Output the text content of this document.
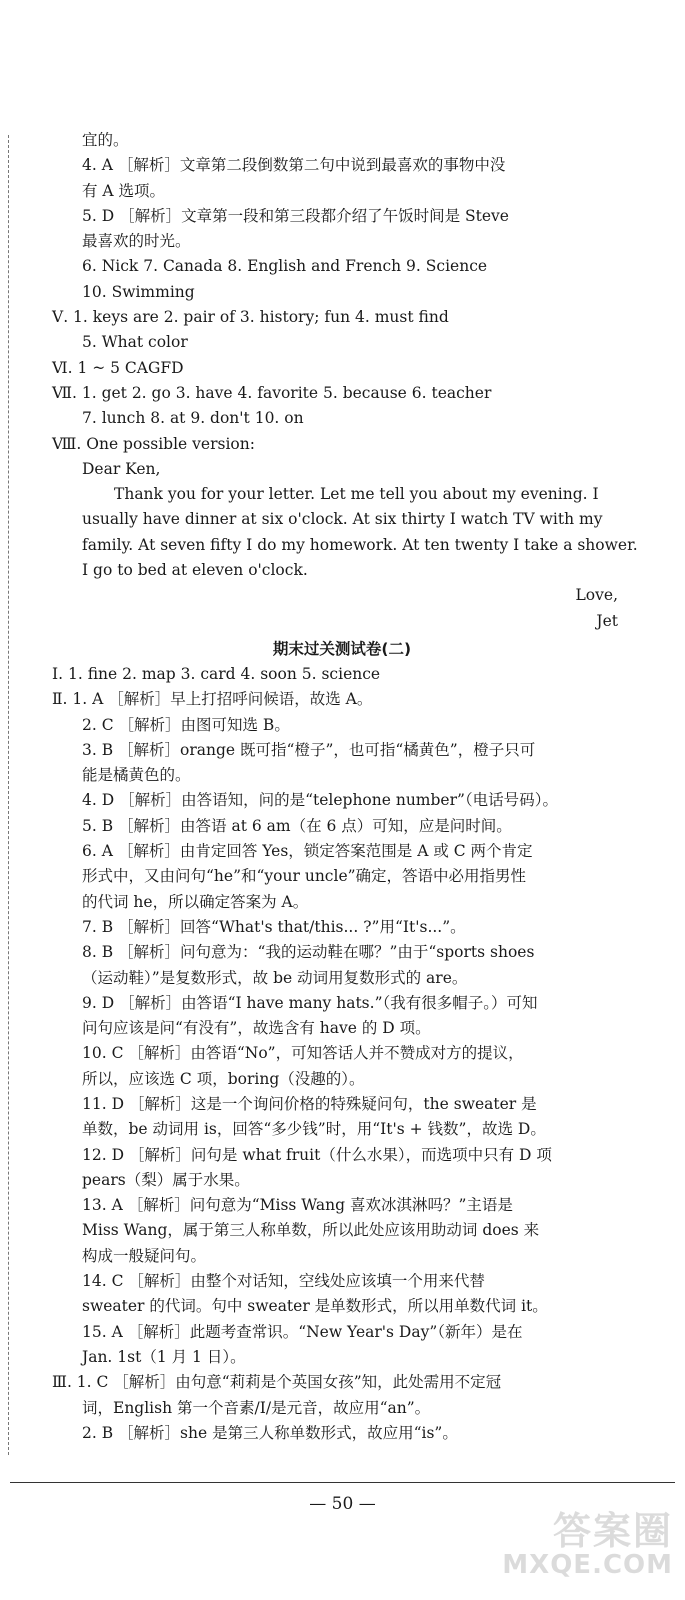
宜的。
4. A ［解析］文章第二段倒数第二句中说到最喜欢的事物中没
有 A 选项。
5. D ［解析］文章第一段和第三段都介绍了午饭时间是 Steve
最喜欢的时光。
6. Nick 7. Canada 8. English and French 9. Science
10. Swimming
Ⅴ. 1. keys are 2. pair of 3. history; fun 4. must find
5. What color
Ⅵ. 1 ~ 5 CAGFD
Ⅶ. 1. get 2. go 3. have 4. favorite 5. because 6. teacher
7. lunch 8. at 9. don't 10. on
Ⅷ. One possible version:
Dear Ken,
Thank you for your letter. Let me tell you about my evening. I
usually have dinner at six o'clock. At six thirty I watch TV with my
family. At seven fifty I do my homework. At ten twenty I take a shower.
I go to bed at eleven o'clock.
Love,
Jet
期末过关测试卷(二)
Ⅰ. 1. fine 2. map 3. card 4. soon 5. science
Ⅱ. 1. A ［解析］早上打招呼问候语，故选 A。
2. C ［解析］由图可知选 B。
3. B ［解析］orange 既可指“橙子”，也可指“橘黄色”，橙子只可
能是橘黄色的。
4. D ［解析］由答语知，问的是“telephone number”（电话号码）。
5. B ［解析］由答语 at 6 am（在 6 点）可知，应是问时间。
6. A ［解析］由肯定回答 Yes，锁定答案范围是 A 或 C 两个肯定
形式中，又由问句“he”和“your uncle”确定，答语中必用指男性
的代词 he，所以确定答案为 A。
7. B ［解析］回答“What's that/this... ?”用“It's...”。
8. B ［解析］问句意为：“我的运动鞋在哪？”由于“sports shoes
（运动鞋）”是复数形式，故 be 动词用复数形式的 are。
9. D ［解析］由答语“I have many hats.”（我有很多帽子。）可知
问句应该是问“有没有”，故选含有 have 的 D 项。
10. C ［解析］由答语“No”，可知答话人并不赞成对方的提议，
所以，应该选 C 项，boring（没趣的）。
11. D ［解析］这是一个询问价格的特殊疑问句，the sweater 是
单数，be 动词用 is，回答“多少钱”时，用“It's + 钱数”，故选 D。
12. D ［解析］问句是 what fruit（什么水果），而选项中只有 D 项
pears（梨）属于水果。
13. A ［解析］问句意为“Miss Wang 喜欢冰淇淋吗？”主语是
Miss Wang，属于第三人称单数，所以此处应该用助动词 does 来
构成一般疑问句。
14. C ［解析］由整个对话知，空线处应该填一个用来代替
sweater 的代词。句中 sweater 是单数形式，所以用单数代词 it。
15. A ［解析］此题考查常识。“New Year's Day”（新年）是在
Jan. 1st（1 月 1 日）。
Ⅲ. 1. C ［解析］由句意“莉莉是个英国女孩”知，此处需用不定冠
词，English 第一个音素/I/是元音，故应用“an”。
2. B ［解析］she 是第三人称单数形式，故应用“is”。
— 50 —
答案圈
MXQE.COM
